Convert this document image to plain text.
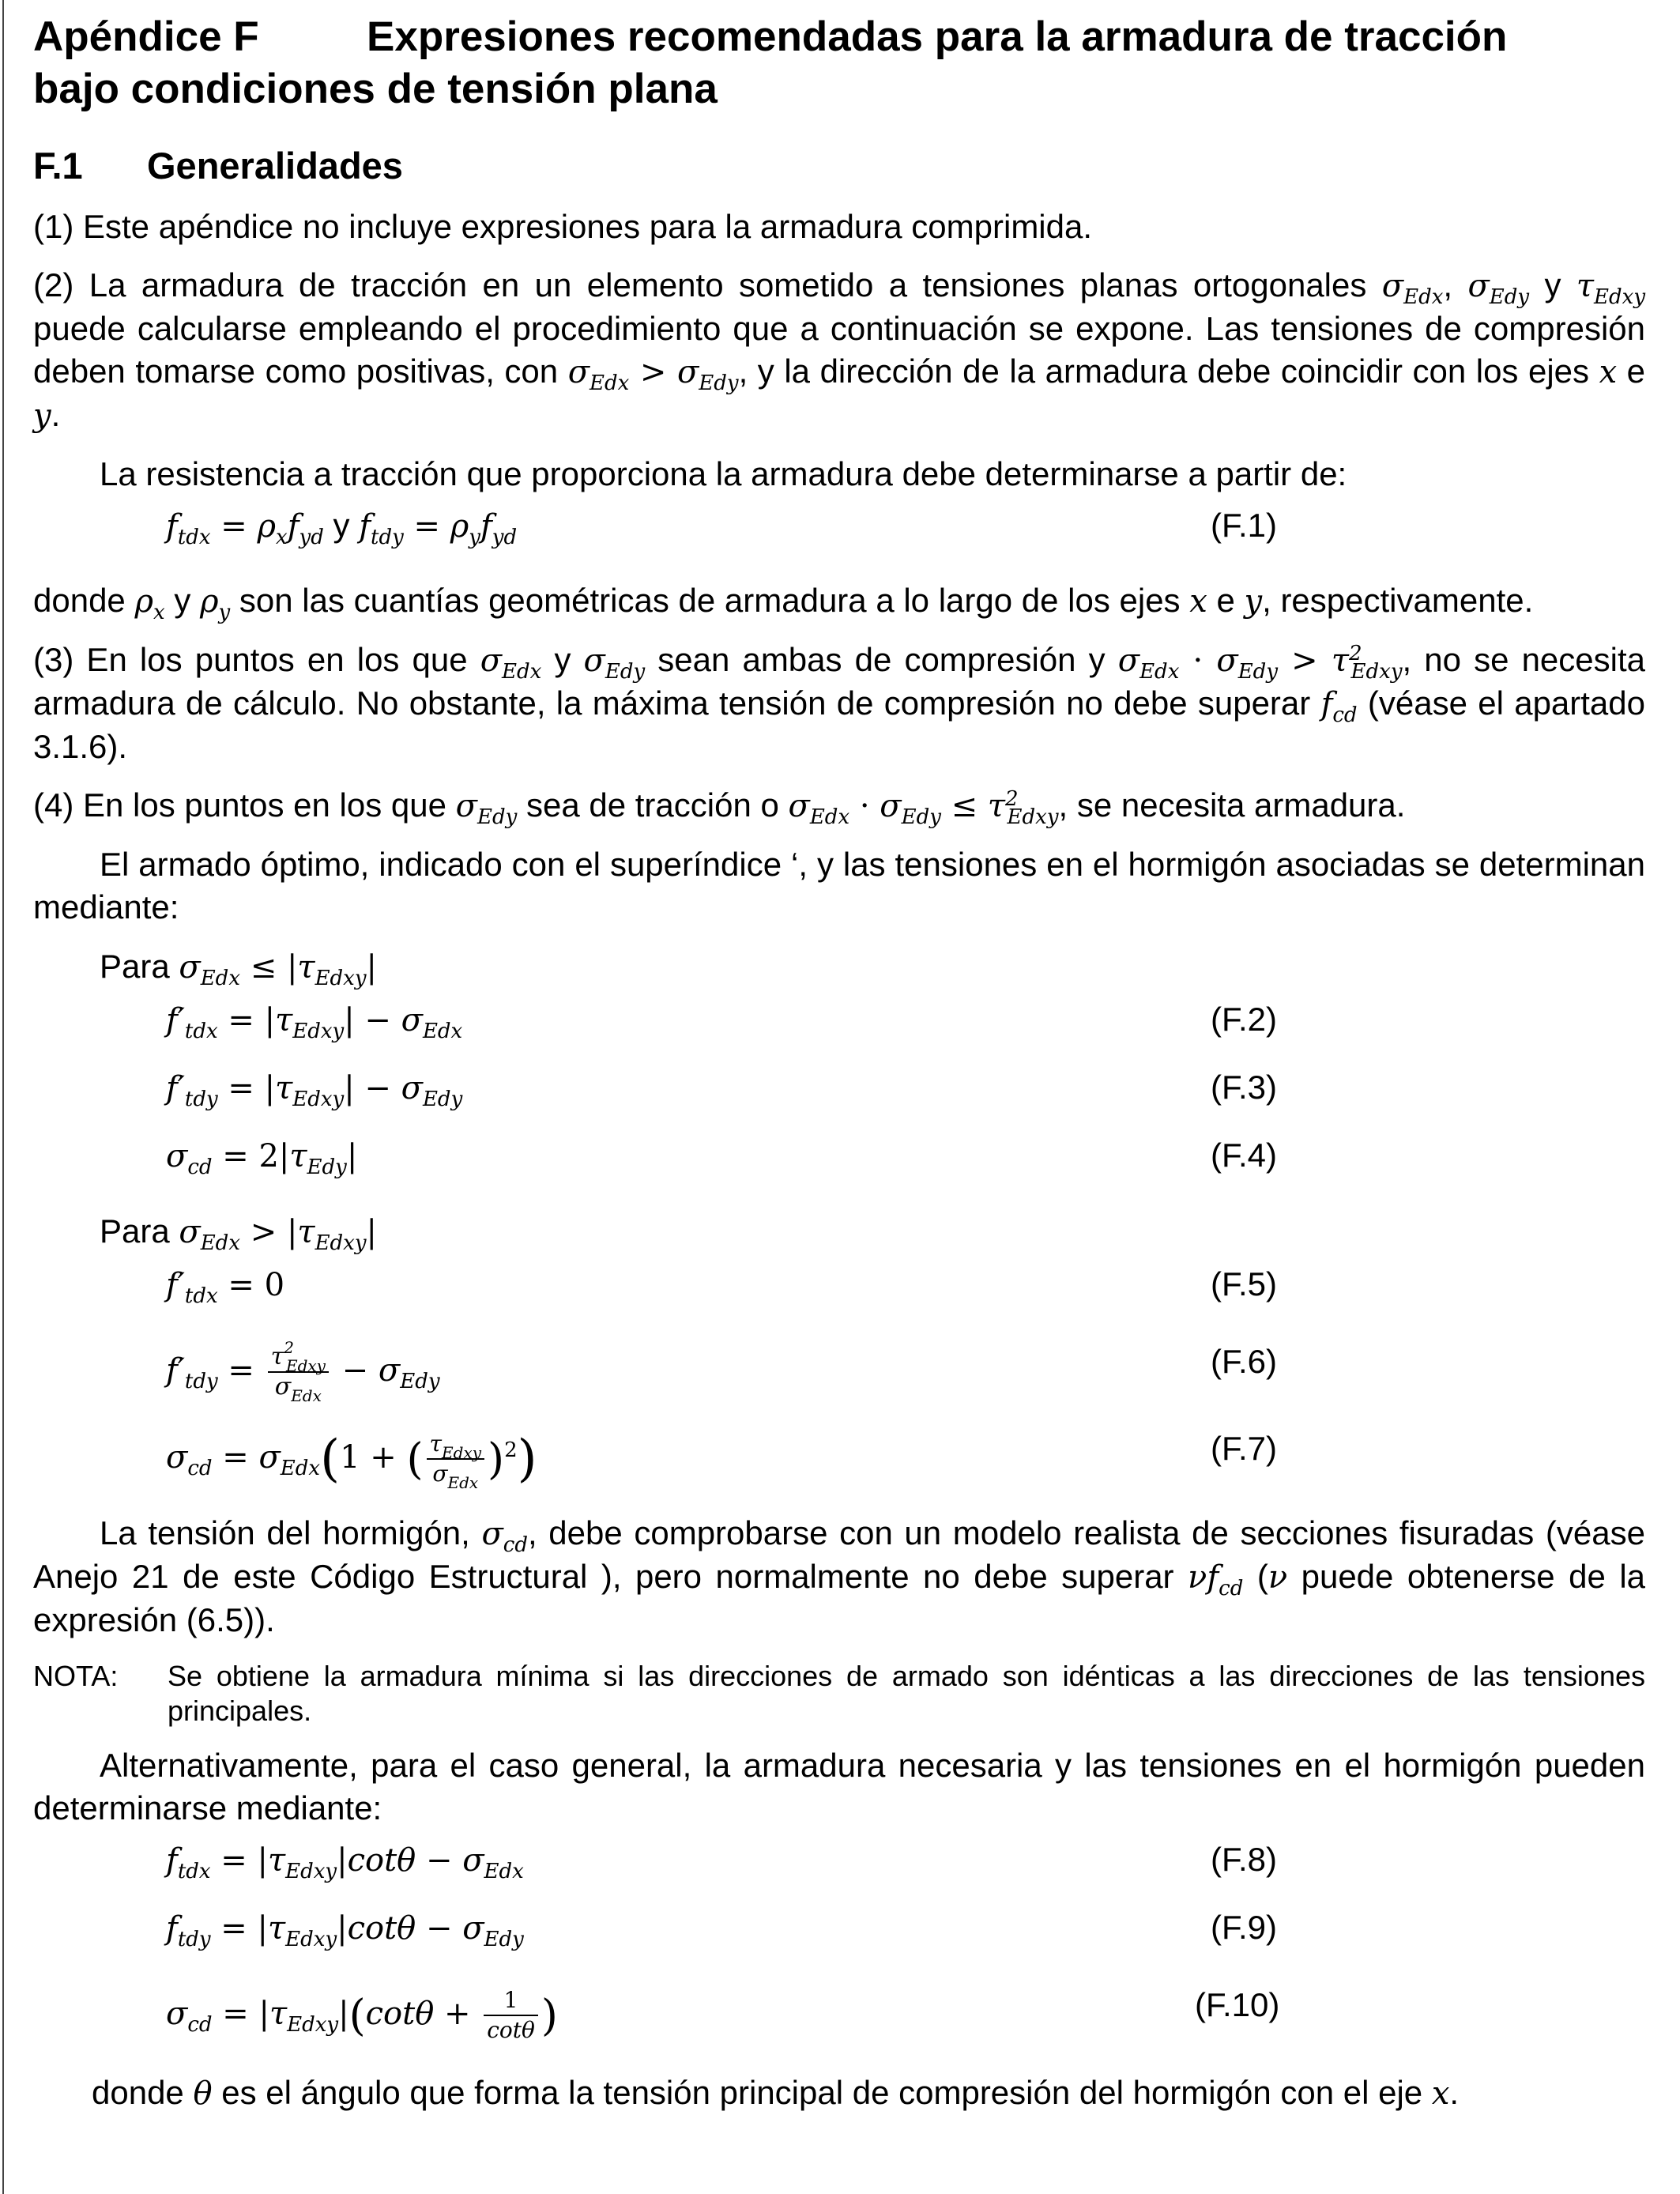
Apéndice F	Expresiones recomendadas para la armadura de tracción
bajo condiciones de tensión plana
F.1 Generalidades

(1) Este apéndice no incluye expresiones para la armadura comprimida.

(2) La armadura de tracción en un elemento sometido a tensiones planas ortogonales $\sigma_{Edx}$, $\sigma_{Edy}$ y $\tau_{Edxy}$ puede calcularse empleando el procedimiento que a continuación se expone. Las tensiones de compresión deben tomarse como positivas, con $\sigma_{Edx} > \sigma_{Edy}$, y la dirección de la armadura debe coincidir con los ejes x e y.

La resistencia a tracción que proporciona la armadura debe determinarse a partir de:

$f_{tdx} = \rho_xf_{yd}$ y $f_{tdy} = \rho_yf_{yd}$	(F.1)

donde $\rho_x$ y $\rho_y$ son las cuantías geométricas de armadura a lo largo de los ejes x e y, respectivamente.

(3) En los puntos en los que $\sigma_{Edx}$ y $\sigma_{Edy}$ sean ambas de compresión y $\sigma_{Edx} \cdot \sigma_{Edy} > \tau^2_{Edxy}$, no se necesita armadura de cálculo. No obstante, la máxima tensión de compresión no debe superar $f_{cd}$ (véase el apartado 3.1.6).

(4) En los puntos en los que $\sigma_{Edy}$ sea de tracción o $\sigma_{Edx} \cdot \sigma_{Edy} \le \tau^2_{Edxy}$, se necesita armadura.

El armado óptimo, indicado con el superíndice ‘, y las tensiones en el hormigón asociadas se determinan mediante:

Para $\sigma_{Edx} \le |\tau_{Edxy}|$

$f'_{tdx} = |\tau_{Edxy}| - \sigma_{Edx}$	(F.2)
$f'_{tdy} = |\tau_{Edxy}| - \sigma_{Edy}$	(F.3)
$\sigma_{cd} = 2|\tau_{Edy}|$	(F.4)

Para $\sigma_{Edx} > |\tau_{Edxy}|$

$f'_{tdx} = 0$	(F.5)
$f'_{tdy} = \frac{\tau^2_{Edxy}}{\sigma_{Edx}} - \sigma_{Edy}$
(F.6)
$\sigma_{cd} = \sigma_{Edx}(1$ + ( $\frac{\tau_{Edxy}}{\sigma_{Edx}} )^2$)	(F.7)

La tensión del hormigón, $\sigma_{cd}$, debe comprobarse con un modelo realista de secciones fisuradas (véase Anejo 21 de este Código Estructural ), pero normalmente no debe superar $\nu f_{cd}$ (ν puede obtenerse de la expresión (6.5)).

NOTA: Se obtiene la armadura mínima si las direcciones de armado son idénticas a las direcciones de las tensiones principales.

Alternativamente, para el caso general, la armadura necesaria y las tensiones en el hormigón pueden determinarse mediante:

$f_{tdx} = |\tau_{Edxy}|\cot\theta - \sigma_{Edx}$	(F.8)
$f_{tdy} = |\tau_{Edxy}|\cot\theta - \sigma_{Edy}$	(F.9)
$\sigma_{cd} = |\tau_{Edxy}|(\cot\theta + \frac{1}{\cot\theta}$ )	(F.10)

donde θ es el ángulo que forma la tensión principal de compresión del hormigón con el eje x.
